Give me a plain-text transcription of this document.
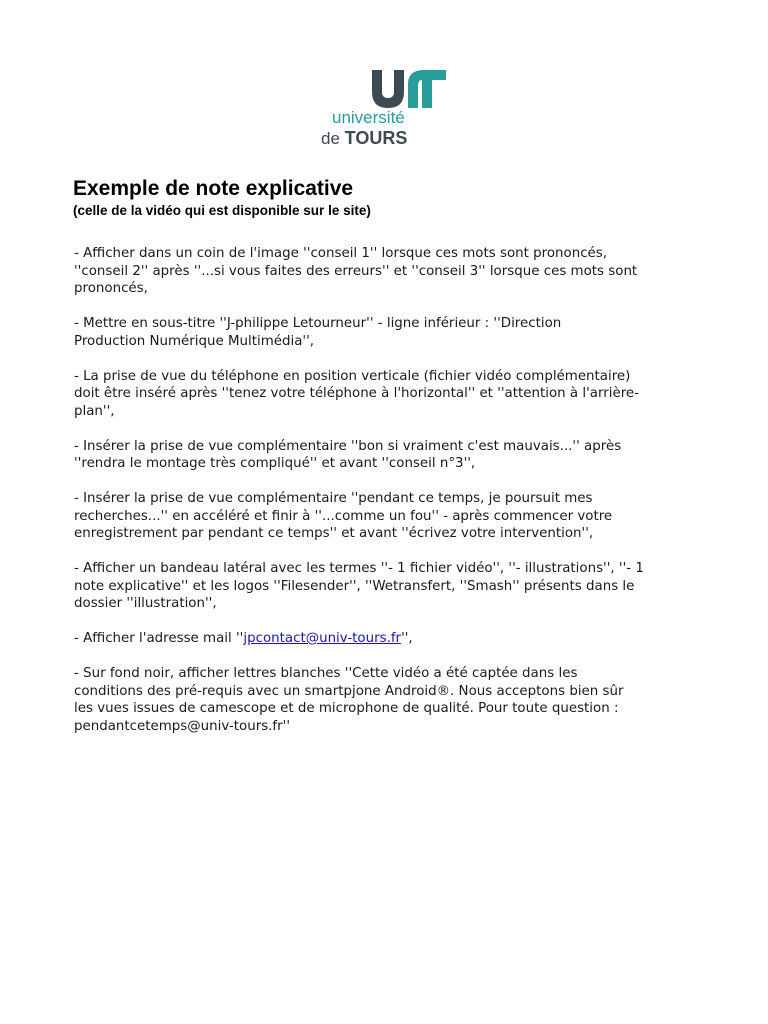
université
de TOURS
Exemple de note explicative
(celle de la vidéo qui est disponible sur le site)

- Afficher dans un coin de l'image ''conseil 1'' lorsque ces mots sont prononcés,
''conseil 2'' après ''...si vous faites des erreurs'' et ''conseil 3'' lorsque ces mots sont
prononcés,

- Mettre en sous-titre ''J-philippe Letourneur'' - ligne inférieur : ''Direction
Production Numérique Multimédia'',

- La prise de vue du téléphone en position verticale (fichier vidéo complémentaire)
doit être inséré après ''tenez votre téléphone à l'horizontal'' et ''attention à l'arrière-
plan'',

- Insérer la prise de vue complémentaire ''bon si vraiment c'est mauvais...'' après
''rendra le montage très compliqué'' et avant ''conseil n°3'',

- Insérer la prise de vue complémentaire ''pendant ce temps, je poursuit mes
recherches...'' en accéléré et finir à ''...comme un fou'' - après commencer votre
enregistrement par pendant ce temps'' et avant ''écrivez votre intervention'',

- Afficher un bandeau latéral avec les termes ''- 1 fichier vidéo'', ''- illustrations'', ''- 1
note explicative'' et les logos ''Filesender'', ''Wetransfert, ''Smash'' présents dans le
dossier ''illustration'',

- Afficher l'adresse mail ''jpcontact@univ-tours.fr'',

- Sur fond noir, afficher lettres blanches ''Cette vidéo a été captée dans les
conditions des pré-requis avec un smartpjone Android®. Nous acceptons bien sûr
les vues issues de camescope et de microphone de qualité. Pour toute question :
pendantcetemps@univ-tours.fr''
